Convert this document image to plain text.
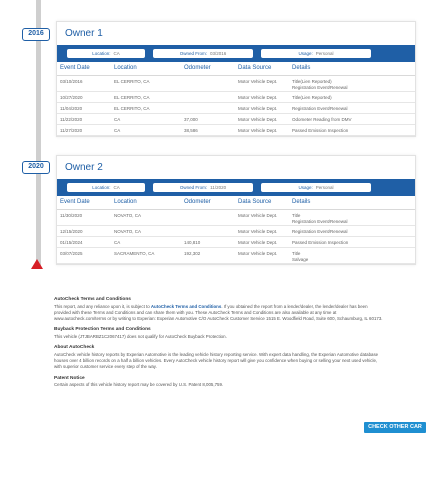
2016
2020
Owner 1
Location: CA	Owned From: 03/2016	Usage: Personal
Event Date	Location	Odometer	Data Source	Details
03/10/2016	EL CERRITO, CA		Motor Vehicle Dept.	Title(Lien Reported)
Registration Event/Renewal

10/27/2020	EL CERRITO, CA		Motor Vehicle Dept.	Title(Lien Reported)

11/04/2020	EL CERRITO, CA		Motor Vehicle Dept.	Registration Event/Renewal

11/22/2020	CA	37,000	Motor Vehicle Dept.	Odometer Reading from DMV

11/27/2020	CA	38,586	Motor Vehicle Dept.	Passed Emission Inspection
Owner 2
Location: CA	Owned From: 11/2020	Usage: Personal
Event Date	Location	Odometer	Data Source	Details
11/30/2020	NOVATO, CA		Motor Vehicle Dept.	Title
Registration Event/Renewal

12/15/2020	NOVATO, CA		Motor Vehicle Dept.	Registration Event/Renewal

01/15/2024	CA	140,810	Motor Vehicle Dept.	Passed Emission Inspection

03/07/2025	SACRAMENTO, CA	192,302	Motor Vehicle Dept.	Title
Salvage
AutoCheck Terms and Conditions
This report, and any reliance upon it, is subject to AutoCheck Terms and Conditions. If you obtained the report from a lender/dealer, the lender/dealer has been provided with these Terms and Conditions and can share them with you. These AutoCheck Terms and Conditions are also available at any time at www.autocheck.com/terms or by writing to Experian: Experian Automotive C/O AutoCheck Customer Service 1515 E. Woodfield Road, Suite 600, Schaumburg, IL 60173.
Buyback Protection Terms and Conditions
This vehicle (JTJBARBZ1C2067417) does not qualify for AutoCheck Buyback Protection.
About AutoCheck
AutoCheck vehicle history reports by Experian Automotive is the leading vehicle history reporting service. With expert data handling, the Experian Automotive database houses over 4 billion records on a half a billion vehicles. Every AutoCheck vehicle history report will give you confidence when buying or selling your next used vehicle, with superior customer service every step of the way.
Patent Notice
Certain aspects of this vehicle history report may be covered by U.S. Patent 8,005,759.
CHECK OTHER CAR
